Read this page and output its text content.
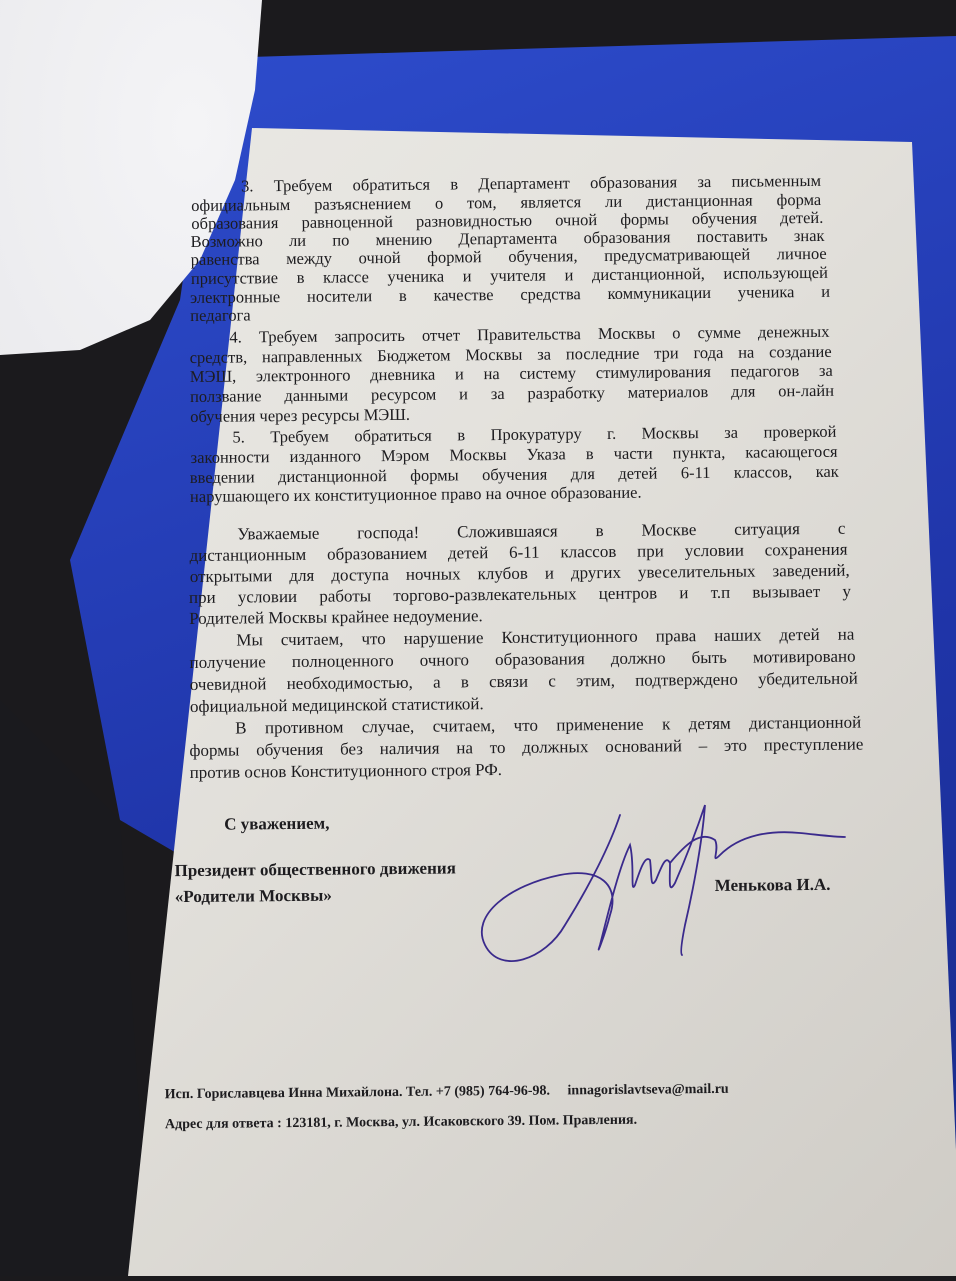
3. Требуем обратиться в Департамент образования за письменным
официальным разъяснением о том, является ли дистанционная форма
образования равноценной разновидностью очной формы обучения детей.
Возможно ли по мнению Департамента образования поставить знак
равенства между очной формой обучения, предусматривающей личное
присутствие в классе ученика и учителя и дистанционной, использующей
электронные носители в качестве средства коммуникации ученика и
педагога
4. Требуем запросить отчет Правительства Москвы о сумме денежных
средств, направленных Бюджетом Москвы за последние три года на создание
МЭШ, электронного дневника и на систему стимулирования педагогов за
ползвание данными ресурсом и за разработку материалов для он-лайн
обучения через ресурсы МЭШ.
5. Требуем обратиться в Прокуратуру г. Москвы за проверкой
законности изданного Мэром Москвы Указа в части пункта, касающегося
введении дистанционной формы обучения для детей 6-11 классов, как
нарушающего их конституционное право на очное образование.
Уважаемые господа! Сложившаяся в Москве ситуация с
дистанционным образованием детей 6-11 классов при условии сохранения
открытыми для доступа ночных клубов и других увеселительных заведений,
при условии работы торгово-развлекательных центров и т.п вызывает у
Родителей Москвы крайнее недоумение.
Мы считаем, что нарушение Конституционного права наших детей на
получение полноценного очного образования должно быть мотивировано
очевидной необходимостью, а в связи с этим, подтверждено убедительной
официальной медицинской статистикой.
В противном случае, считаем, что применение к детям дистанционной
формы обучения без наличия на то должных оснований – это преступление
против основ Конституционного строя РФ.
С уважением,
Президент общественного движения
«Родители Москвы»
Менькова И.А.
Исп. Гориславцева Инна Михайлона. Тел. +7 (985) 764-96-98. innagorislavtseva@mail.ru
Адрес для ответа : 123181, г. Москва, ул. Исаковского 39. Пом. Правления.
